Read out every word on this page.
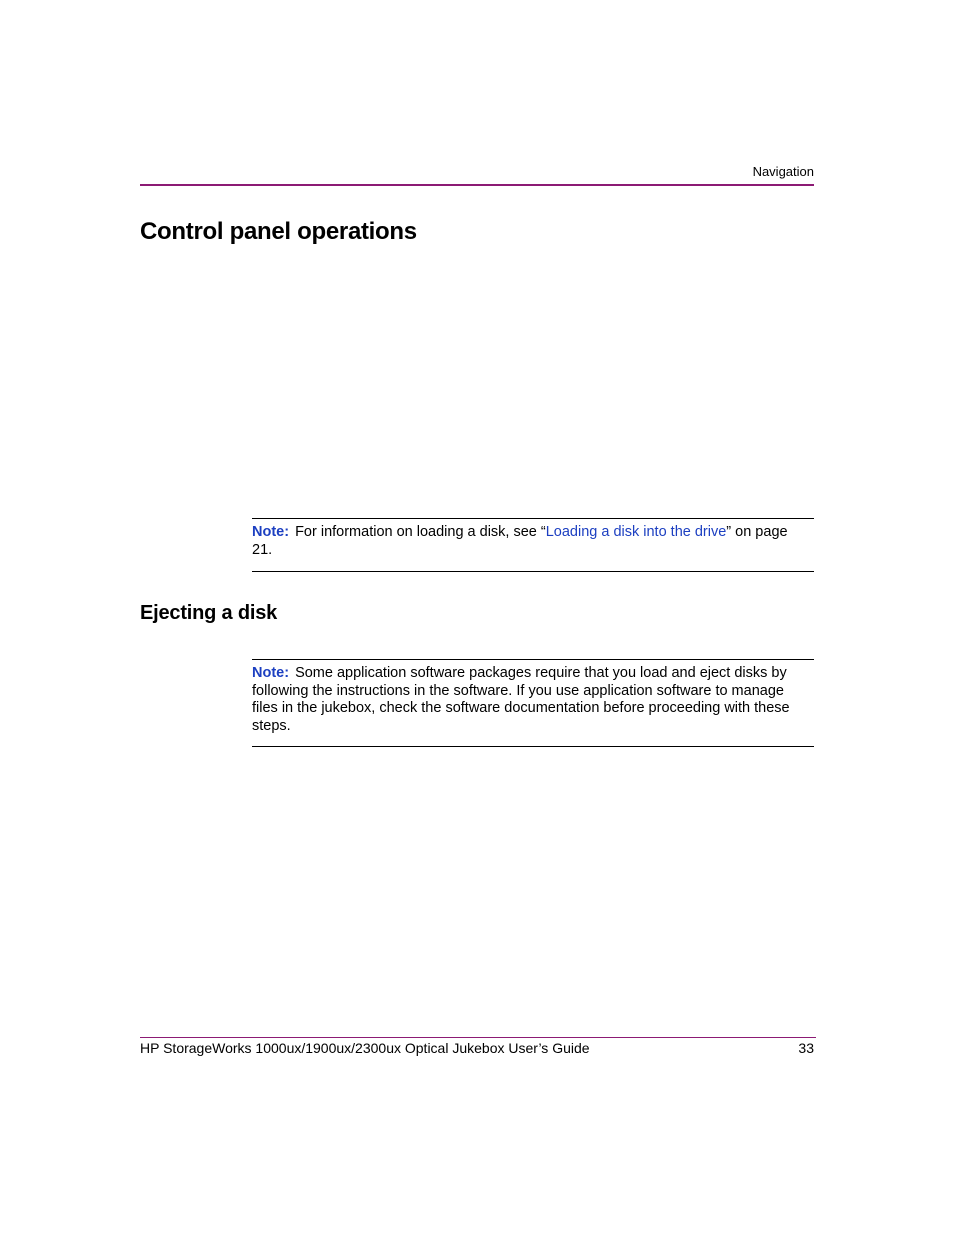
Navigation
Control panel operations
Note: For information on loading a disk, see “Loading a disk into the drive” on page 21.
Ejecting a disk
Note: Some application software packages require that you load and eject disks by following the instructions in the software. If you use application software to manage files in the jukebox, check the software documentation before proceeding with these steps.
HP StorageWorks 1000ux/1900ux/2300ux Optical Jukebox User’s Guide	33
